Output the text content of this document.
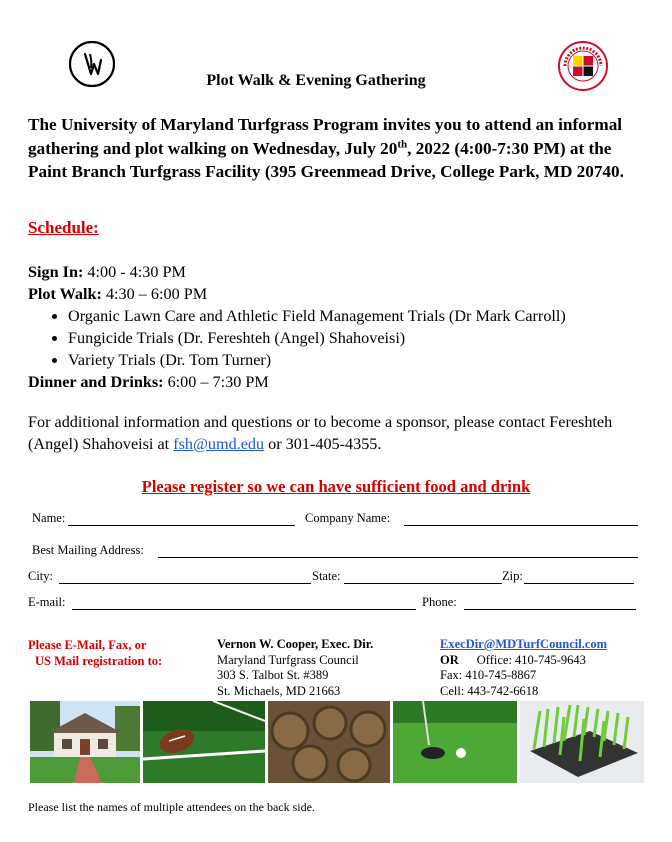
Plot Walk & Evening Gathering
The University of Maryland Turfgrass Program invites you to attend an informal gathering and plot walking on Wednesday, July 20th, 2022 (4:00-7:30 PM) at the Paint Branch Turfgrass Facility (395 Greenmead Drive, College Park, MD 20740.
Schedule:
Sign In: 4:00 - 4:30 PM
Plot Walk: 4:30 – 6:00 PM
• Organic Lawn Care and Athletic Field Management Trials (Dr Mark Carroll)
• Fungicide Trials (Dr. Fereshteh (Angel) Shahoveisi)
• Variety Trials (Dr. Tom Turner)
Dinner and Drinks: 6:00 – 7:30 PM
For additional information and questions or to become a sponsor, please contact Fereshteh (Angel) Shahoveisi at fsh@umd.edu or 301-405-4355.
Please register so we can have sufficient food and drink
Name:	Company Name:
Best Mailing Address:
City:	State:	Zip:
E-mail:	Phone:
Please E-Mail, Fax, or
US Mail registration to:
Vernon W. Cooper, Exec. Dir.
Maryland Turfgrass Council
303 S. Talbot St. #389
St. Michaels, MD 21663
ExecDir@MDTurfCouncil.com
OR Office: 410-745-9643
Fax: 410-745-8867
Cell: 443-742-6618
Please list the names of multiple attendees on the back side.
